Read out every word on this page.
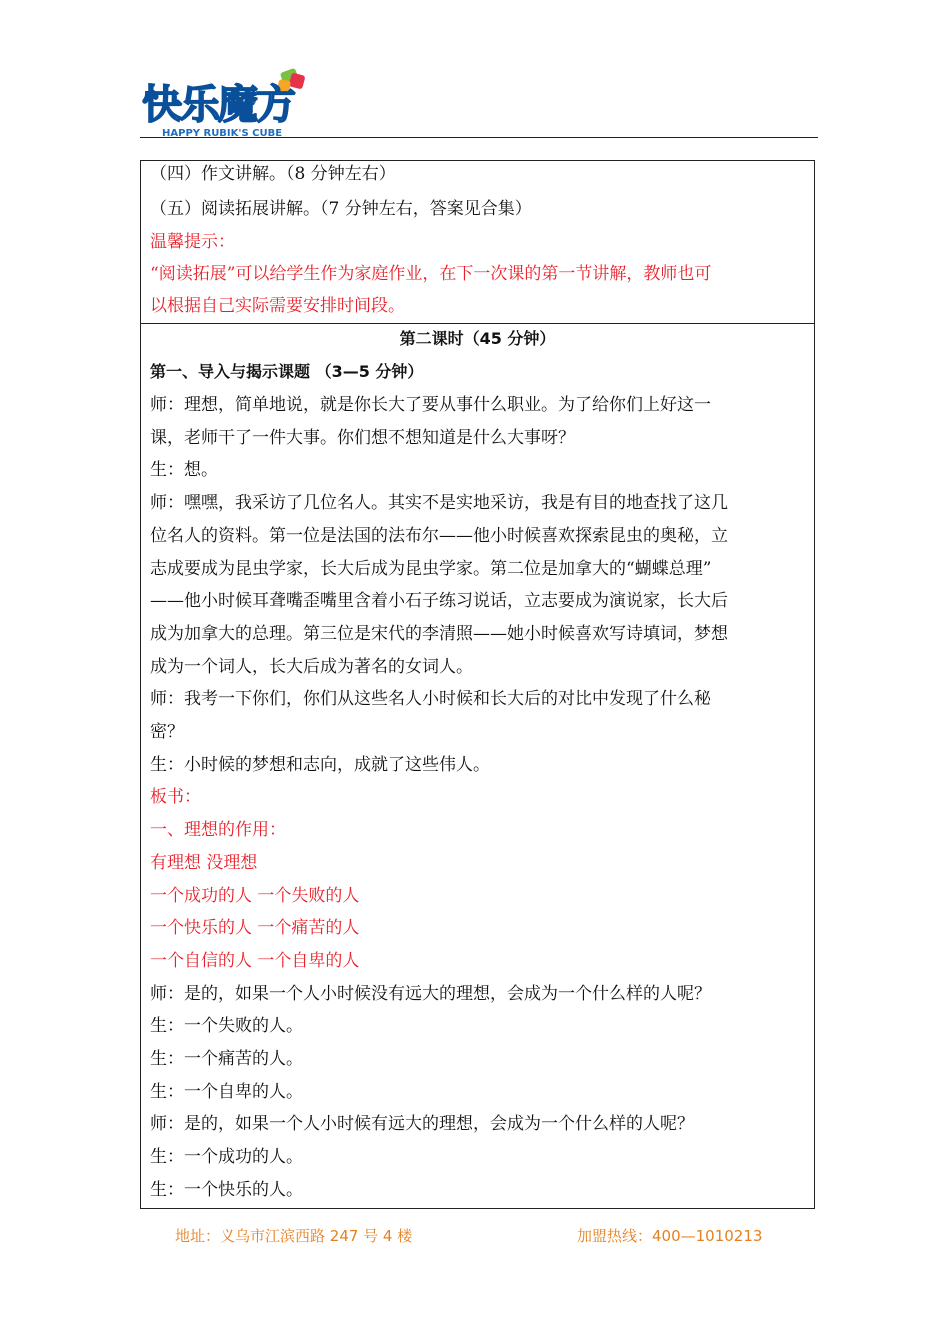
快乐魔方
HAPPY RUBIK'S CUBE
（四）作文讲解。（8 分钟左右）
（五）阅读拓展讲解。（7 分钟左右，答案见合集）
温馨提示：
“阅读拓展”可以给学生作为家庭作业，在下一次课的第一节讲解，教师也可
以根据自己实际需要安排时间段。
第二课时（45 分钟）
第一、导入与揭示课题 （3—5 分钟）
师：理想，简单地说，就是你长大了要从事什么职业。为了给你们上好这一
课，老师干了一件大事。你们想不想知道是什么大事呀？
生：想。
师：嘿嘿，我采访了几位名人。其实不是实地采访，我是有目的地查找了这几
位名人的资料。第一位是法国的法布尔——他小时候喜欢探索昆虫的奥秘，立
志成要成为昆虫学家，长大后成为昆虫学家。第二位是加拿大的“蝴蝶总理”
——他小时候耳聋嘴歪嘴里含着小石子练习说话，立志要成为演说家，长大后
成为加拿大的总理。第三位是宋代的李清照——她小时候喜欢写诗填词，梦想
成为一个词人，长大后成为著名的女词人。
师：我考一下你们，你们从这些名人小时候和长大后的对比中发现了什么秘
密？
生：小时候的梦想和志向，成就了这些伟人。
板书：
一、理想的作用：
有理想 没理想
一个成功的人 一个失败的人
一个快乐的人 一个痛苦的人
一个自信的人 一个自卑的人
师：是的，如果一个人小时候没有远大的理想，会成为一个什么样的人呢？
生：一个失败的人。
生：一个痛苦的人。
生：一个自卑的人。
师：是的，如果一个人小时候有远大的理想，会成为一个什么样的人呢？
生：一个成功的人。
生：一个快乐的人。
地址：义乌市江滨西路 247 号 4 楼	加盟热线：400—1010213
